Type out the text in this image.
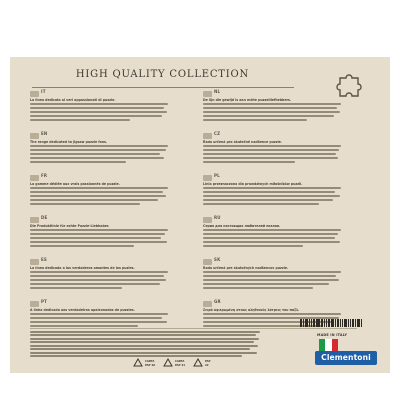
HIGH QUALITY COLLECTION
IT
La linea dedicata ai veri appassionati di puzzle.
EN
The range dedicated to jigsaw puzzle fans.
FR
La gamme dédiée aux vrais passionnés de puzzle.
DE
Die Produktlinie für echte Puzzle-Liebhaber.
ES
La línea dedicada a los verdaderos amantes de los puzles.
PT
A linha dedicada aos verdadeiros apaixonados de puzzles.
NL
De lijn die gewijd is aan echte puzzelliefhebbers.
CZ
Řada určená pro skutečné nadšence puzzle.
PL
Linia przeznaczona dla prawdziwych miłośników puzzli.
RU
Серия для настоящих любителей пазлов.
SK
Rada určená pre skutočných nadšencov puzzle.
GR
Σειρά αφιερωμένη στους αληθινούς λάτρεις του παζλ.
CARTA
PAP 20
CARTA
PAP 21
PAP
22
MADE IN ITALY
Clementoni
